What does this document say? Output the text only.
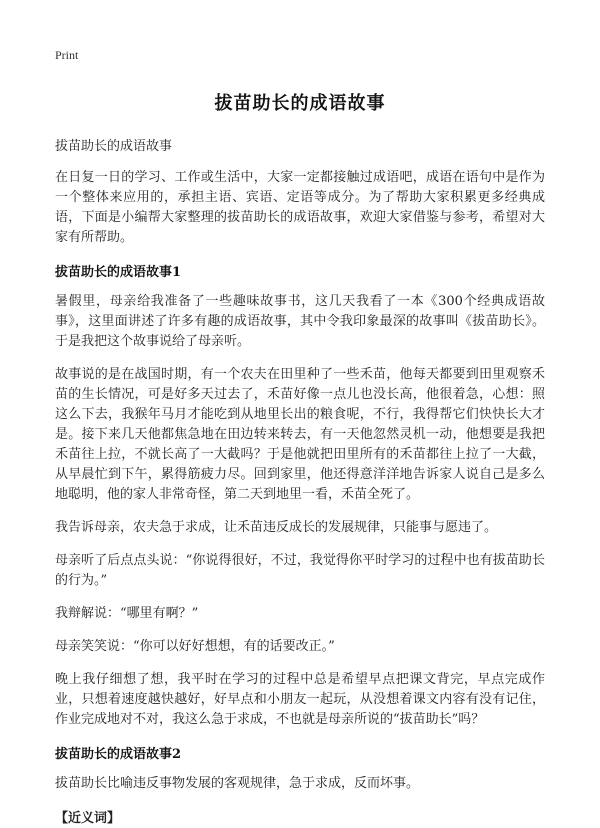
Print
拔苗助长的成语故事
拔苗助长的成语故事

在日复一日的学习、工作或生活中，大家一定都接触过成语吧，成语在语句中是作为一个整体来应用的，承担主语、宾语、定语等成分。为了帮助大家积累更多经典成语，下面是小编帮大家整理的拔苗助长的成语故事，欢迎大家借鉴与参考，希望对大家有所帮助。

拔苗助长的成语故事1

暑假里，母亲给我准备了一些趣味故事书，这几天我看了一本《300个经典成语故事》，这里面讲述了许多有趣的成语故事，其中令我印象最深的故事叫《拔苗助长》。于是我把这个故事说给了母亲听。

故事说的是在战国时期，有一个农夫在田里种了一些禾苗，他每天都要到田里观察禾苗的生长情况，可是好多天过去了，禾苗好像一点儿也没长高，他很着急，心想：照这么下去，我猴年马月才能吃到从地里长出的粮食呢，不行，我得帮它们快快长大才是。接下来几天他都焦急地在田边转来转去，有一天他忽然灵机一动，他想要是我把禾苗往上拉，不就长高了一大截吗？于是他就把田里所有的禾苗都往上拉了一大截，从早晨忙到下午，累得筋疲力尽。回到家里，他还得意洋洋地告诉家人说自己是多么地聪明，他的家人非常奇怪，第二天到地里一看，禾苗全死了。

我告诉母亲，农夫急于求成，让禾苗违反成长的发展规律，只能事与愿违了。

母亲听了后点点头说：“你说得很好，不过，我觉得你平时学习的过程中也有拔苗助长的行为。”

我辩解说：“哪里有啊？”

母亲笑笑说：“你可以好好想想，有的话要改正。”

晚上我仔细想了想，我平时在学习的过程中总是希望早点把课文背完，早点完成作业，只想着速度越快越好，好早点和小朋友一起玩，从没想着课文内容有没有记住，作业完成地对不对，我这么急于求成，不也就是母亲所说的“拔苗助长”吗？

拔苗助长的成语故事2

拔苗助长比喻违反事物发展的客观规律，急于求成，反而坏事。

【近义词】
